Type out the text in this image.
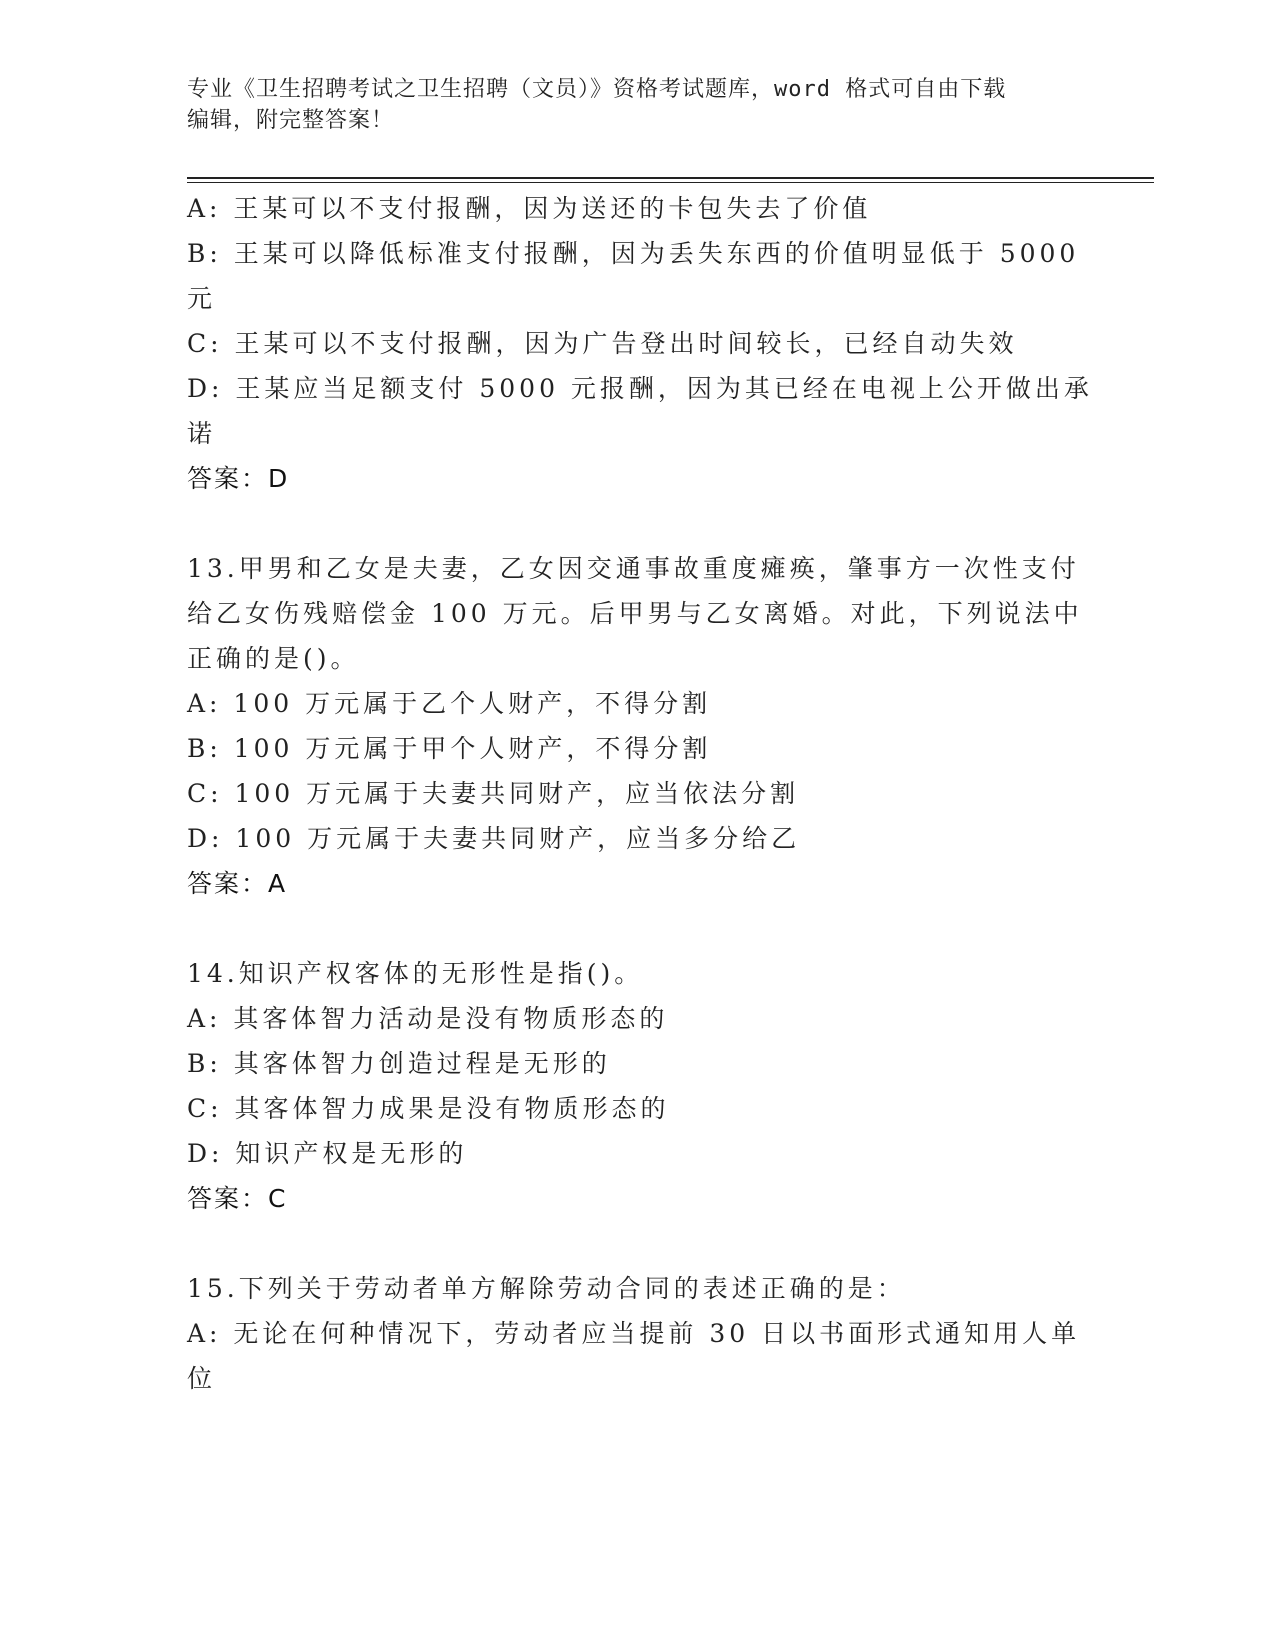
专业《卫生招聘考试之卫生招聘（文员）》资格考试题库，word 格式可自由下载
编辑，附完整答案！
A: 王某可以不支付报酬，因为送还的卡包失去了价值
B: 王某可以降低标准支付报酬，因为丢失东西的价值明显低于 5000
元
C: 王某可以不支付报酬，因为广告登出时间较长，已经自动失效
D: 王某应当足额支付 5000 元报酬，因为其已经在电视上公开做出承
诺
答案：D
13.甲男和乙女是夫妻，乙女因交通事故重度瘫痪，肇事方一次性支付
给乙女伤残赔偿金 100 万元。后甲男与乙女离婚。对此，下列说法中
正确的是()。
A: 100 万元属于乙个人财产，不得分割
B: 100 万元属于甲个人财产，不得分割
C: 100 万元属于夫妻共同财产，应当依法分割
D: 100 万元属于夫妻共同财产，应当多分给乙
答案：A
14.知识产权客体的无形性是指()。
A: 其客体智力活动是没有物质形态的
B: 其客体智力创造过程是无形的
C: 其客体智力成果是没有物质形态的
D: 知识产权是无形的
答案：C
15.下列关于劳动者单方解除劳动合同的表述正确的是：
A: 无论在何种情况下，劳动者应当提前 30 日以书面形式通知用人单
位
